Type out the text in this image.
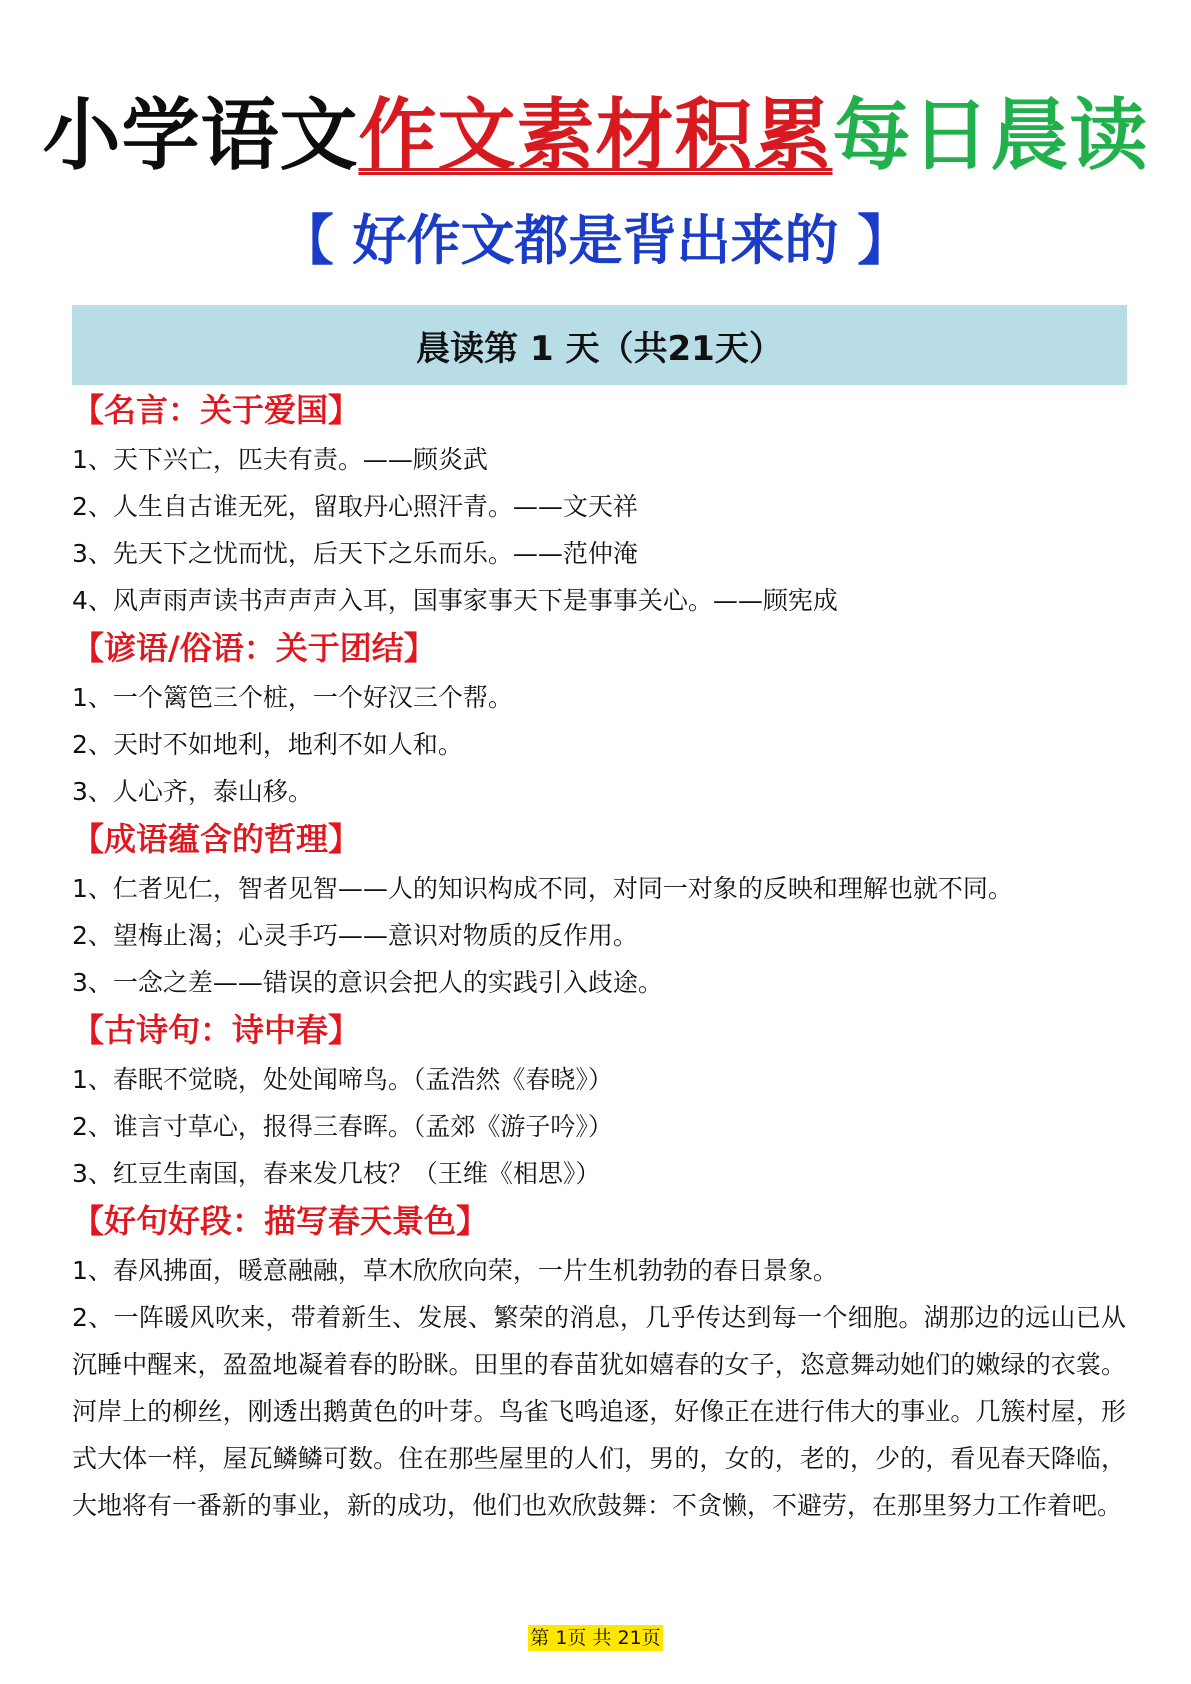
小学语文作文素材积累每日晨读
【 好作文都是背出来的 】
晨读第 1 天（共21天）
【名言：关于爱国】
1、天下兴亡，匹夫有责。——顾炎武
2、人生自古谁无死，留取丹心照汗青。——文天祥
3、先天下之忧而忧，后天下之乐而乐。——范仲淹
4、风声雨声读书声声声入耳，国事家事天下是事事关心。——顾宪成
【谚语/俗语：关于团结】
1、一个篱笆三个桩，一个好汉三个帮。
2、天时不如地利，地利不如人和。
3、人心齐，泰山移。
【成语蕴含的哲理】
1、仁者见仁，智者见智——人的知识构成不同，对同一对象的反映和理解也就不同。
2、望梅止渴；心灵手巧——意识对物质的反作用。
3、一念之差——错误的意识会把人的实践引入歧途。
【古诗句：诗中春】
1、春眠不觉晓，处处闻啼鸟。（孟浩然《春晓》）
2、谁言寸草心，报得三春晖。（孟郊《游子吟》）
3、红豆生南国，春来发几枝？（王维《相思》）
【好句好段：描写春天景色】
1、春风拂面，暖意融融，草木欣欣向荣，一片生机勃勃的春日景象。
2、一阵暖风吹来，带着新生、发展、繁荣的消息，几乎传达到每一个细胞。湖那边的远山已从沉睡中醒来，盈盈地凝着春的盼眯。田里的春苗犹如嬉春的女子，恣意舞动她们的嫩绿的衣裳。河岸上的柳丝，刚透出鹅黄色的叶芽。鸟雀飞鸣追逐，好像正在进行伟大的事业。几簇村屋，形式大体一样，屋瓦鳞鳞可数。住在那些屋里的人们，男的，女的，老的，少的，看见春天降临，大地将有一番新的事业，新的成功，他们也欢欣鼓舞：不贪懒，不避劳，在那里努力工作着吧。
第 1页 共 21页
